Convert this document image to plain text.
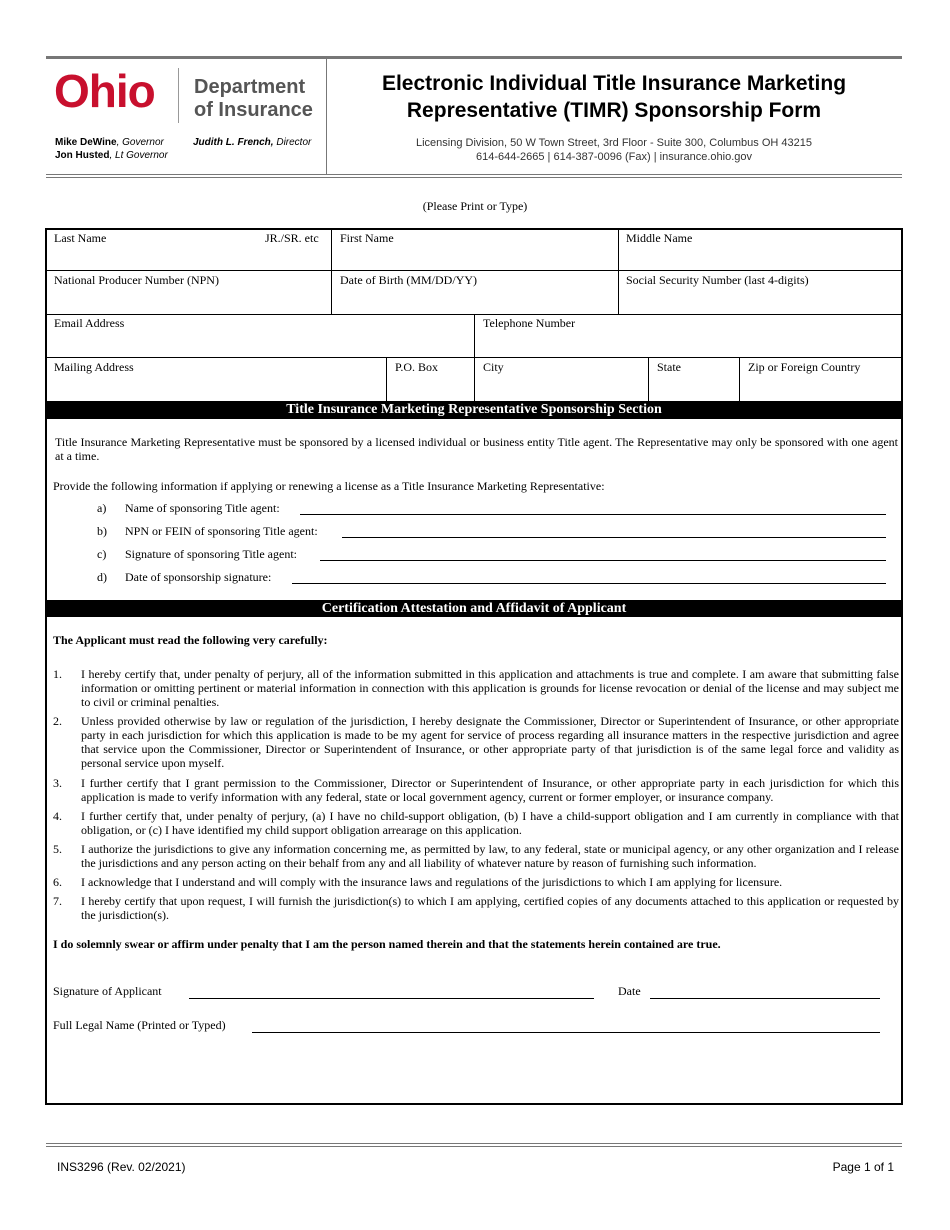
Ohio Department
of Insurance
Mike DeWine, Governor
Jon Husted, Lt Governor
Judith L. French, Director
Electronic Individual Title Insurance Marketing
Representative (TIMR) Sponsorship Form
Licensing Division, 50 W Town Street, 3rd Floor - Suite 300, Columbus OH 43215
614-644-2665 | 614-387-0096 (Fax) | insurance.ohio.gov
(Please Print or Type)
Last Name	JR./SR. etc First Name	Middle Name
National Producer Number (NPN)	Date of Birth (MM/DD/YY)	Social Security Number (last 4-digits)
Email Address	Telephone Number
Mailing Address	P.O. Box	City	State	Zip or Foreign Country
Title Insurance Marketing Representative Sponsorship Section
Title Insurance Marketing Representative must be sponsored by a licensed individual or business entity Title agent. The Representative may only be sponsored with one agent at a time.
Provide the following information if applying or renewing a license as a Title Insurance Marketing Representative:
a) Name of sponsoring Title agent:
b) NPN or FEIN of sponsoring Title agent:
c) Signature of sponsoring Title agent:
d) Date of sponsorship signature:
Certification Attestation and Affidavit of Applicant
The Applicant must read the following very carefully:
1. I hereby certify that, under penalty of perjury, all of the information submitted in this application and attachments is true and complete. I am aware that submitting false information or omitting pertinent or material information in connection with this application is grounds for license revocation or denial of the license and may subject me to civil or criminal penalties.
2. Unless provided otherwise by law or regulation of the jurisdiction, I hereby designate the Commissioner, Director or Superintendent of Insurance, or other appropriate party in each jurisdiction for which this application is made to be my agent for service of process regarding all insurance matters in the respective jurisdiction and agree that service upon the Commissioner, Director or Superintendent of Insurance, or other appropriate party of that jurisdiction is of the same legal force and validity as personal service upon myself.
3. I further certify that I grant permission to the Commissioner, Director or Superintendent of Insurance, or other appropriate party in each jurisdiction for which this application is made to verify information with any federal, state or local government agency, current or former employer, or insurance company.
4. I further certify that, under penalty of perjury, (a) I have no child-support obligation, (b) I have a child-support obligation and I am currently in compliance with that obligation, or (c) I have identified my child support obligation arrearage on this application.
5. I authorize the jurisdictions to give any information concerning me, as permitted by law, to any federal, state or municipal agency, or any other organization and I release the jurisdictions and any person acting on their behalf from any and all liability of whatever nature by reason of furnishing such information.
6. I acknowledge that I understand and will comply with the insurance laws and regulations of the jurisdictions to which I am applying for licensure.
7. I hereby certify that upon request, I will furnish the jurisdiction(s) to which I am applying, certified copies of any documents attached to this application or requested by the jurisdiction(s).
I do solemnly swear or affirm under penalty that I am the person named therein and that the statements herein contained are true.
Signature of Applicant	Date
Full Legal Name (Printed or Typed)
INS3296 (Rev. 02/2021)	Page 1 of 1
